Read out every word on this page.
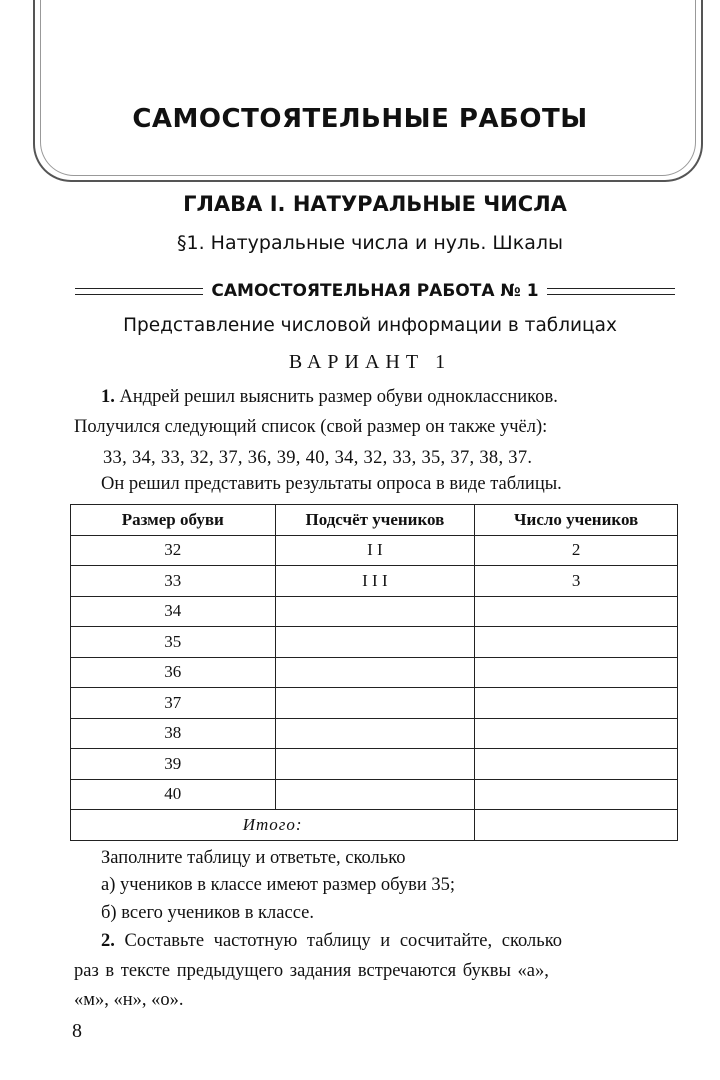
САМОСТОЯТЕЛЬНЫЕ РАБОТЫ
ГЛАВА I. НАТУРАЛЬНЫЕ ЧИСЛА
§1. Натуральные числа и нуль. Шкалы
САМОСТОЯТЕЛЬНАЯ РАБОТА № 1
Представление числовой информации в таблицах
ВАРИАНТ 1
1. Андрей решил выяснить размер обуви одноклассников.
Получился следующий список (свой размер он также учёл):
33, 34, 33, 32, 37, 36, 39, 40, 34, 32, 33, 35, 37, 38, 37.
Он решил представить результаты опроса в виде таблицы.
Размер обуви	Подсчёт учеников	Число учеников
32	I I	2
33	I I I	3
34		
35		
36		
37		
38		
39		
40		
Итого:		
Заполните таблицу и ответьте, сколько
а) учеников в классе имеют размер обуви 35;
б) всего учеников в классе.
2. Составьте частотную таблицу и сосчитайте, сколько
раз в тексте предыдущего задания встречаются буквы «а»,
«м», «н», «о».
8
